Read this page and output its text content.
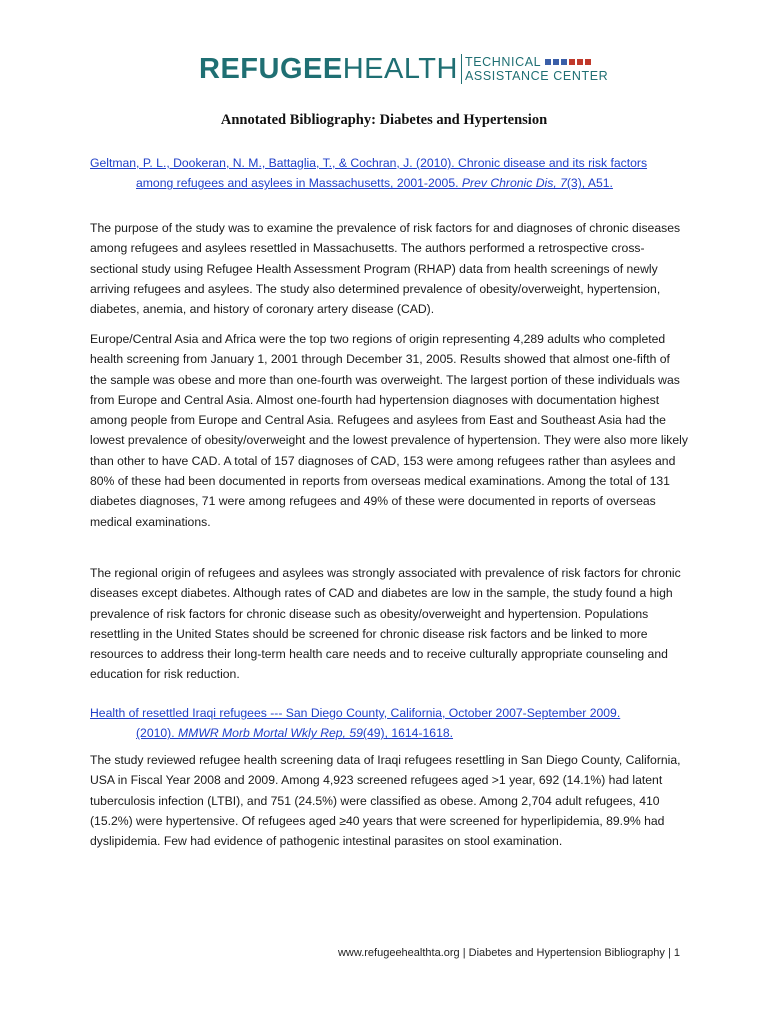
REFUGEEHEALTH TECHNICAL
ASSISTANCE CENTER
Annotated Bibliography: Diabetes and Hypertension
Geltman, P. L., Dookeran, N. M., Battaglia, T., & Cochran, J. (2010). Chronic disease and its risk factors
among refugees and asylees in Massachusetts, 2001-2005. Prev Chronic Dis, 7(3), A51.

The purpose of the study was to examine the prevalence of risk factors for and diagnoses of chronic diseases among refugees and asylees resettled in Massachusetts. The authors performed a retrospective cross-sectional study using Refugee Health Assessment Program (RHAP) data from health screenings of newly arriving refugees and asylees. The study also determined prevalence of obesity/overweight, hypertension, diabetes, anemia, and history of coronary artery disease (CAD).

Europe/Central Asia and Africa were the top two regions of origin representing 4,289 adults who completed health screening from January 1, 2001 through December 31, 2005. Results showed that almost one-fifth of the sample was obese and more than one-fourth was overweight. The largest portion of these individuals was from Europe and Central Asia. Almost one-fourth had hypertension diagnoses with documentation highest among people from Europe and Central Asia. Refugees and asylees from East and Southeast Asia had the lowest prevalence of obesity/overweight and the lowest prevalence of hypertension. They were also more likely than other to have CAD. A total of 157 diagnoses of CAD, 153 were among refugees rather than asylees and 80% of these had been documented in reports from overseas medical examinations. Among the total of 131 diabetes diagnoses, 71 were among refugees and 49% of these were documented in reports of overseas medical examinations.

The regional origin of refugees and asylees was strongly associated with prevalence of risk factors for chronic diseases except diabetes. Although rates of CAD and diabetes are low in the sample, the study found a high prevalence of risk factors for chronic disease such as obesity/overweight and hypertension. Populations resettling in the United States should be screened for chronic disease risk factors and be linked to more resources to address their long-term health care needs and to receive culturally appropriate counseling and education for risk reduction.

Health of resettled Iraqi refugees --- San Diego County, California, October 2007-September 2009.
(2010). MMWR Morb Mortal Wkly Rep, 59(49), 1614-1618.

The study reviewed refugee health screening data of Iraqi refugees resettling in San Diego County, California, USA in Fiscal Year 2008 and 2009. Among 4,923 screened refugees aged >1 year, 692 (14.1%) had latent tuberculosis infection (LTBI), and 751 (24.5%) were classified as obese. Among 2,704 adult refugees, 410 (15.2%) were hypertensive. Of refugees aged ≥40 years that were screened for hyperlipidemia, 89.9% had dyslipidemia. Few had evidence of pathogenic intestinal parasites on stool examination.

www.refugeehealthta.org | Diabetes and Hypertension Bibliography | 1
